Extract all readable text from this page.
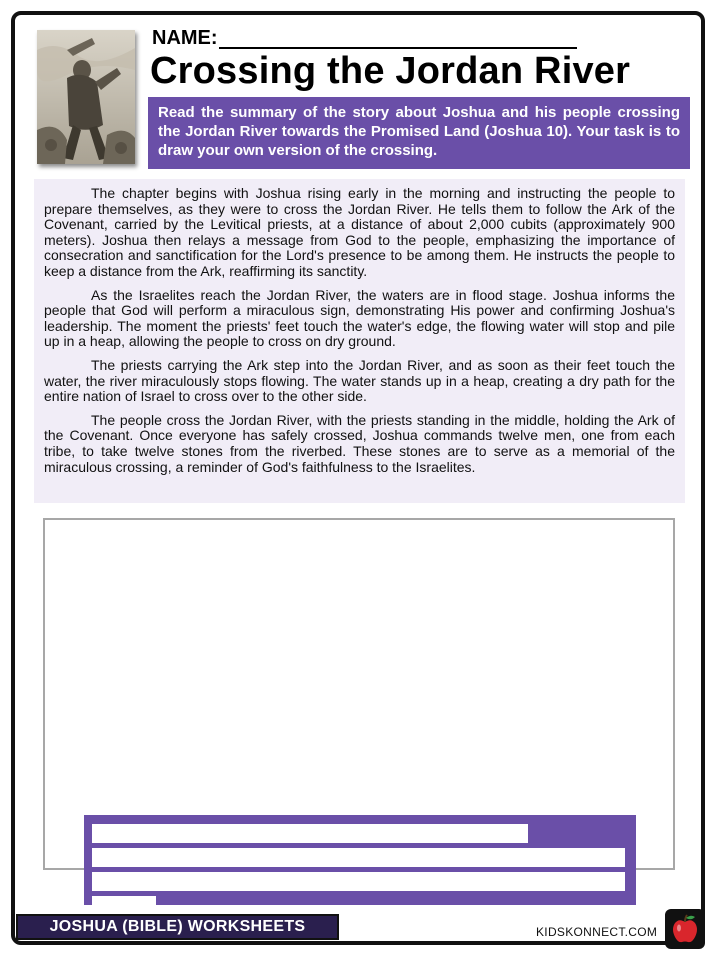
NAME:
Crossing the Jordan River
Read the summary of the story about Joshua and his people crossing the Jordan River towards the Promised Land (Joshua 10). Your task is to draw your own version of the crossing.

The chapter begins with Joshua rising early in the morning and instructing the people to prepare themselves, as they were to cross the Jordan River. He tells them to follow the Ark of the Covenant, carried by the Levitical priests, at a distance of about 2,000 cubits (approximately 900 meters). Joshua then relays a message from God to the people, emphasizing the importance of consecration and sanctification for the Lord's presence to be among them. He instructs the people to keep a distance from the Ark, reaffirming its sanctity.

As the Israelites reach the Jordan River, the waters are in flood stage. Joshua informs the people that God will perform a miraculous sign, demonstrating His power and confirming Joshua's leadership. The moment the priests' feet touch the water's edge, the flowing water will stop and pile up in a heap, allowing the people to cross on dry ground.

The priests carrying the Ark step into the Jordan River, and as soon as their feet touch the water, the river miraculously stops flowing. The water stands up in a heap, creating a dry path for the entire nation of Israel to cross over to the other side.

The people cross the Jordan River, with the priests standing in the middle, holding the Ark of the Covenant. Once everyone has safely crossed, Joshua commands twelve men, one from each tribe, to take twelve stones from the riverbed. These stones are to serve as a memorial of the miraculous crossing, a reminder of God's faithfulness to the Israelites.

JOSHUA (BIBLE) WORKSHEETS	KIDSKONNECT.COM
